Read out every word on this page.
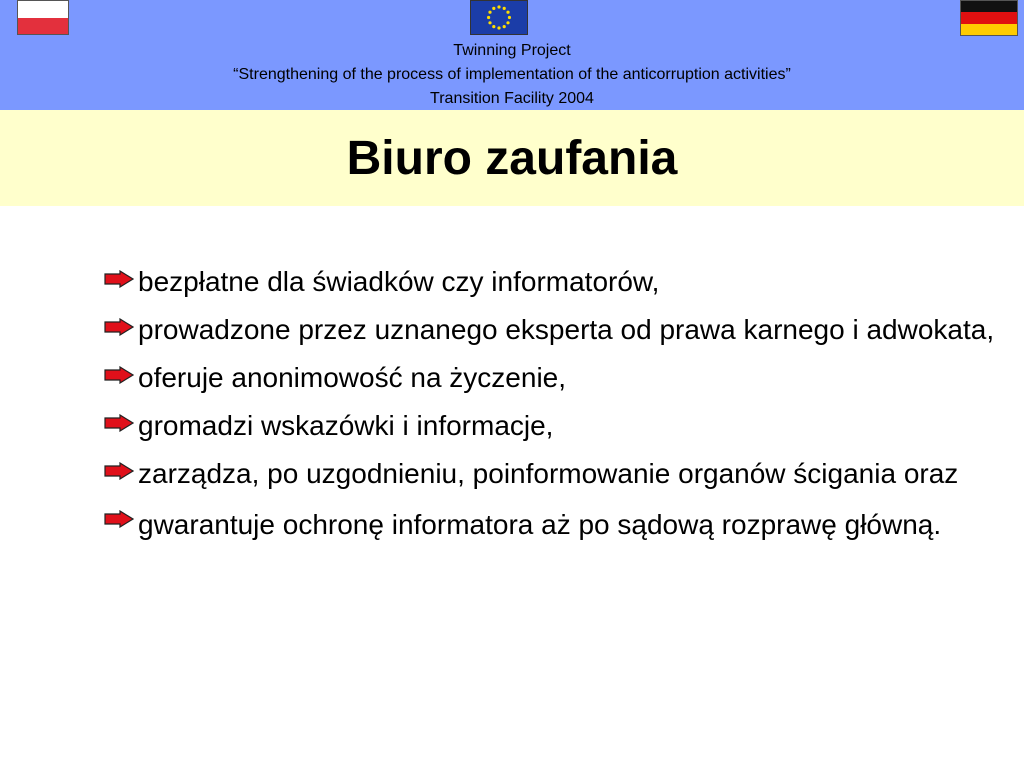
Twinning Project
“Strengthening of the process of implementation of the anticorruption activities”
Transition Facility 2004
Biuro zaufania
bezpłatne dla świadków czy informatorów,
prowadzone przez uznanego eksperta od prawa karnego i adwokata,
oferuje anonimowość na życzenie,
gromadzi wskazówki i informacje,
zarządza, po uzgodnieniu, poinformowanie organów ścigania oraz
gwarantuje ochronę informatora aż po sądową rozprawę główną.
